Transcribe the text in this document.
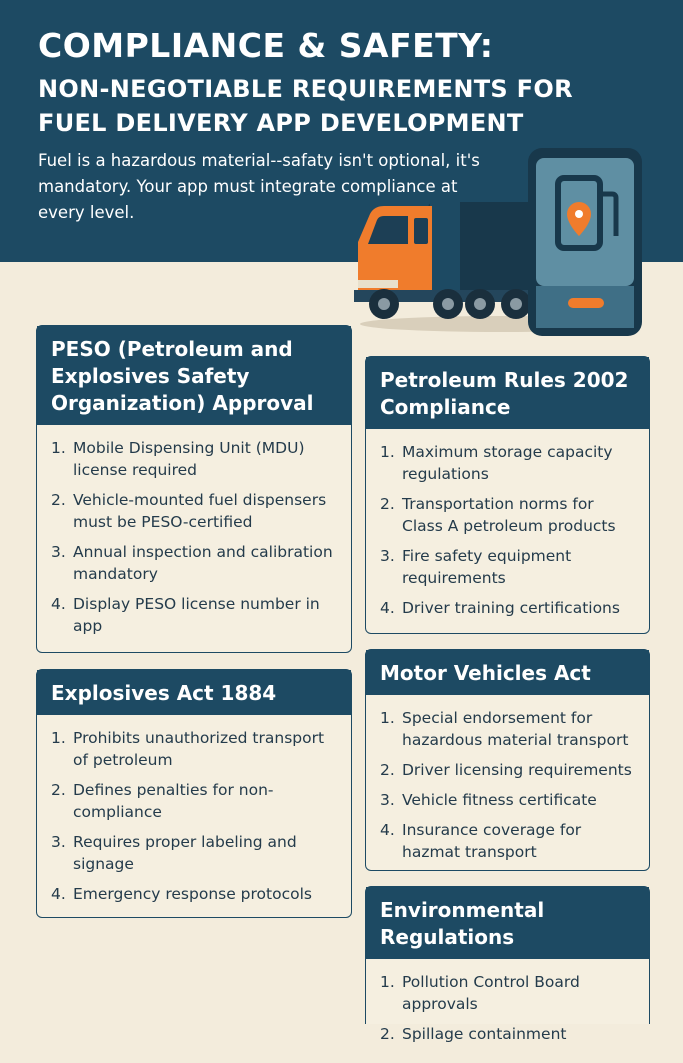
COMPLIANCE & SAFETY:
NON-NEGOTIABLE REQUIREMENTS FOR FUEL DELIVERY APP DEVELOPMENT
Fuel is a hazardous material--safaty isn't optional, it's mandatory. Your app must integrate compliance at every level.
PESO (Petroleum and Explosives Safety Organization) Approval
1. Mobile Dispensing Unit (MDU) license required
2. Vehicle-mounted fuel dispensers must be PESO-certified
3. Annual inspection and calibration mandatory
4. Display PESO license number in app
Petroleum Rules 2002 Compliance
1. Maximum storage capacity regulations
2. Transportation norms for Class A petroleum products
3. Fire safety equipment requirements
4. Driver training certifications
Explosives Act 1884
1. Prohibits unauthorized transport of petroleum
2. Defines penalties for non-compliance
3. Requires proper labeling and signage
4. Emergency response protocols
Motor Vehicles Act
1. Special endorsement for hazardous material transport
2. Driver licensing requirements
3. Vehicle fitness certificate
4. Insurance coverage for hazmat transport
Environmental Regulations
1. Pollution Control Board approvals
2. Spillage containment
